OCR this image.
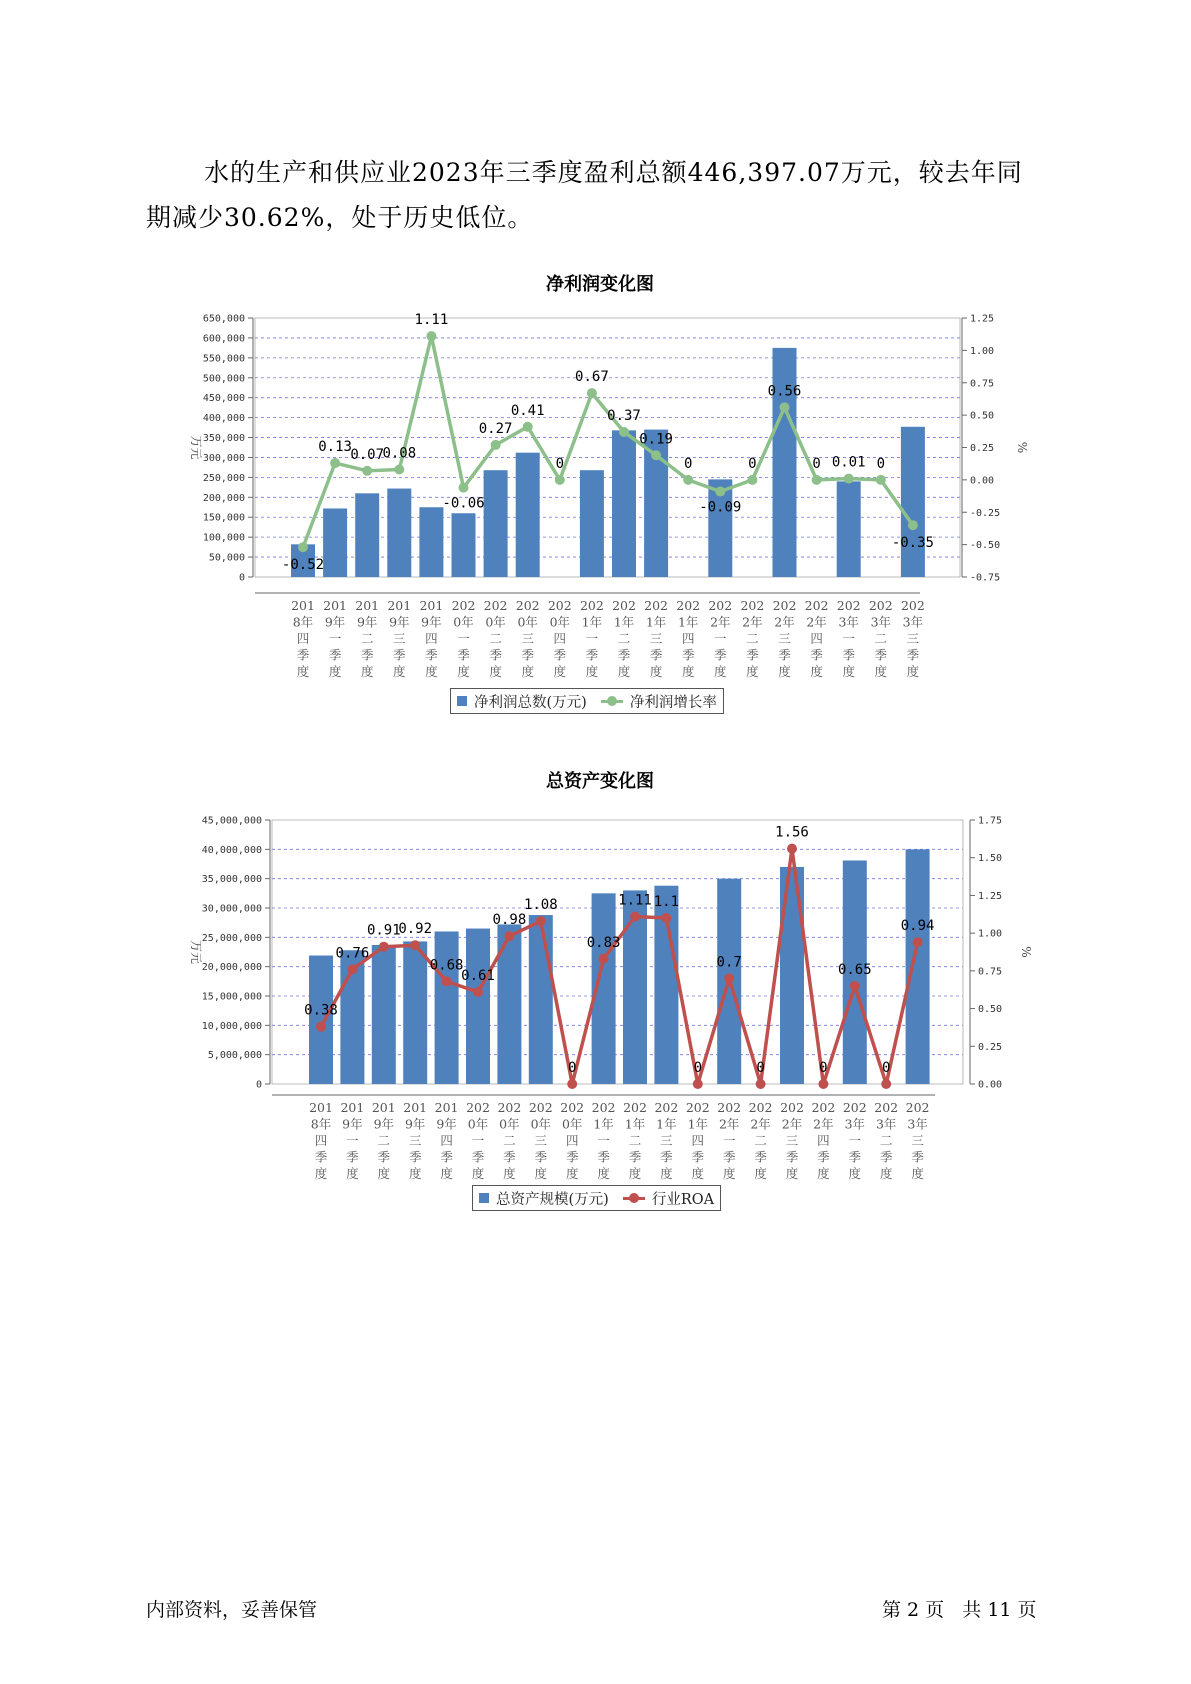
水的生产和供应业2023年三季度盈利总额446,397.07万元，较去年同期减少30.62%，处于历史低位。

净利润变化图
0
50,000
100,000
150,000
200,000
250,000
300,000
350,000
400,000
450,000
500,000
550,000
600,000
650,000
-0.75
-0.50
-0.25
0.00
0.25
0.50
0.75
1.00
1.25
万元	%
201
8年
四
季
度
201
9年
一
季
度
201
9年
二
季
度
201
9年
三
季
度
201
9年
四
季
度
202
0年
一
季
度
202
0年
二
季
度
202
0年
三
季
度
202
0年
四
季
度
202
1年
一
季
度
202
1年
二
季
度
202
1年
三
季
度
202
1年
四
季
度
202
2年
一
季
度
202
2年
二
季
度
202
2年
三
季
度
202
2年
四
季
度
202
3年
一
季
度
202
3年
二
季
度
202
3年
三
季
度
-0.52
0.13
0.07
0.08
1.11
-0.06
0.27
0.41
0
0.67
0.37
0.19
0
-0.09
0
0.56
0 0.01 0
-0.35
净利润总数(万元)	净利润增长率
总资产变化图
0
5,000,000
10,000,000
15,000,000
20,000,000
25,000,000
30,000,000
35,000,000
40,000,000
45,000,000
0.00
0.25
0.50
0.75
1.00
1.25
1.50
1.75
万元	%
201
8年
四
季
度
201
9年
一
季
度
201
9年
二
季
度
201
9年
三
季
度
201
9年
四
季
度
202
0年
一
季
度
202
0年
二
季
度
202
0年
三
季
度
202
0年
四
季
度
202
1年
一
季
度
202
1年
二
季
度
202
1年
三
季
度
202
1年
四
季
度
202
2年
一
季
度
202
2年
二
季
度
202
2年
三
季
度
202
2年
四
季
度
202
3年
一
季
度
202
3年
二
季
度
202
3年
三
季
度
0.38
0.76
0.91
0.92
0.68
0.61
0.98
1.08
0
0.83
1.11 1.1
0
0.7
0
1.56
0
0.65
0
0.94
总资产规模(万元)	行业ROA
内部资料，妥善保管	第 2 页   共 11 页
